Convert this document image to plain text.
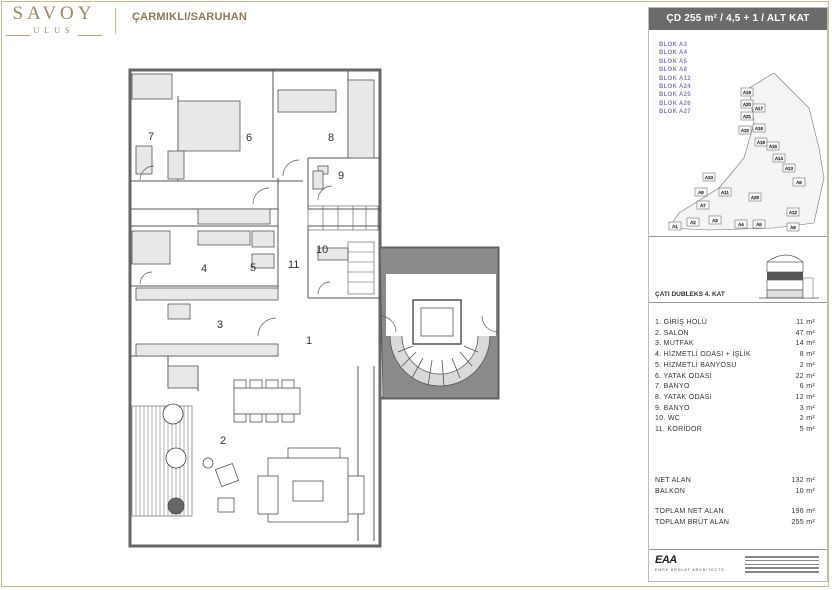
SAVOY
ULUS
ÇARMIKLI/SARUHAN
1
2
3
4	5
6
7	8
9
10
11
ÇD 255 m² / 4,5 + 1 / ALT KAT
A19
A20
A21
A17
A22 A16
A18
A15
A14
A13
A9
A10
A8	A11
A7
A28
A12
A1
A2	A3
A4	A5
A6
BLOK A3
BLOK A4
BLOK A5
BLOK A8
BLOK A12
BLOK A24
BLOK A25
BLOK A26
BLOK A27
ÇATI DUBLEKS 4. KAT
1. GİRİŞ HOLÜ	11 m²
2. SALON	47 m²
3. MUTFAK	14 m²
4. HİZMETLİ ODASI + İŞLİK	8 m²
5. HİZMETLİ BANYOSU	2 m²
6. YATAK ODASI	22 m²
7. BANYO	6 m²
8. YATAK ODASI	12 m²
9. BANYO	3 m²
10. WC	2 m²
11. KORİDOR	5 m²
NET ALAN	132 m²
BALKON	10 m²
TOPLAM NET ALAN	196 m²
TOPLAM BRÜT ALAN	255 m²
EAA
EMRE AROLAT ARCHITECTS
